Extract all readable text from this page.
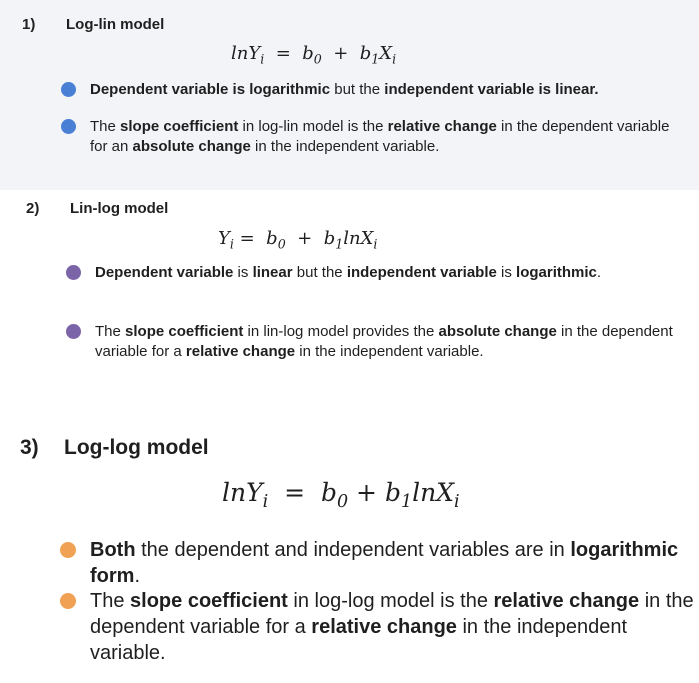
1) Log-lin model
$\ln Y_i = b_0 + b_1X_i$
Dependent variable is logarithmic but the independent variable is linear.
The slope coefficient in log-lin model is the relative change in the dependent variable for an absolute change in the independent variable.
2) Lin-log model
$Y_i = b_0 + b_1\ln X_i$
Dependent variable is linear but the independent variable is logarithmic.
The slope coefficient in lin-log model provides the absolute change in the dependent variable for a relative change in the independent variable.
3) Log-log model
$\ln Y_i = b_0 + b_1\ln X_i$
Both the dependent and independent variables are in logarithmic form.
The slope coefficient in log-log model is the relative change in the dependent variable for a relative change in the independent variable.
